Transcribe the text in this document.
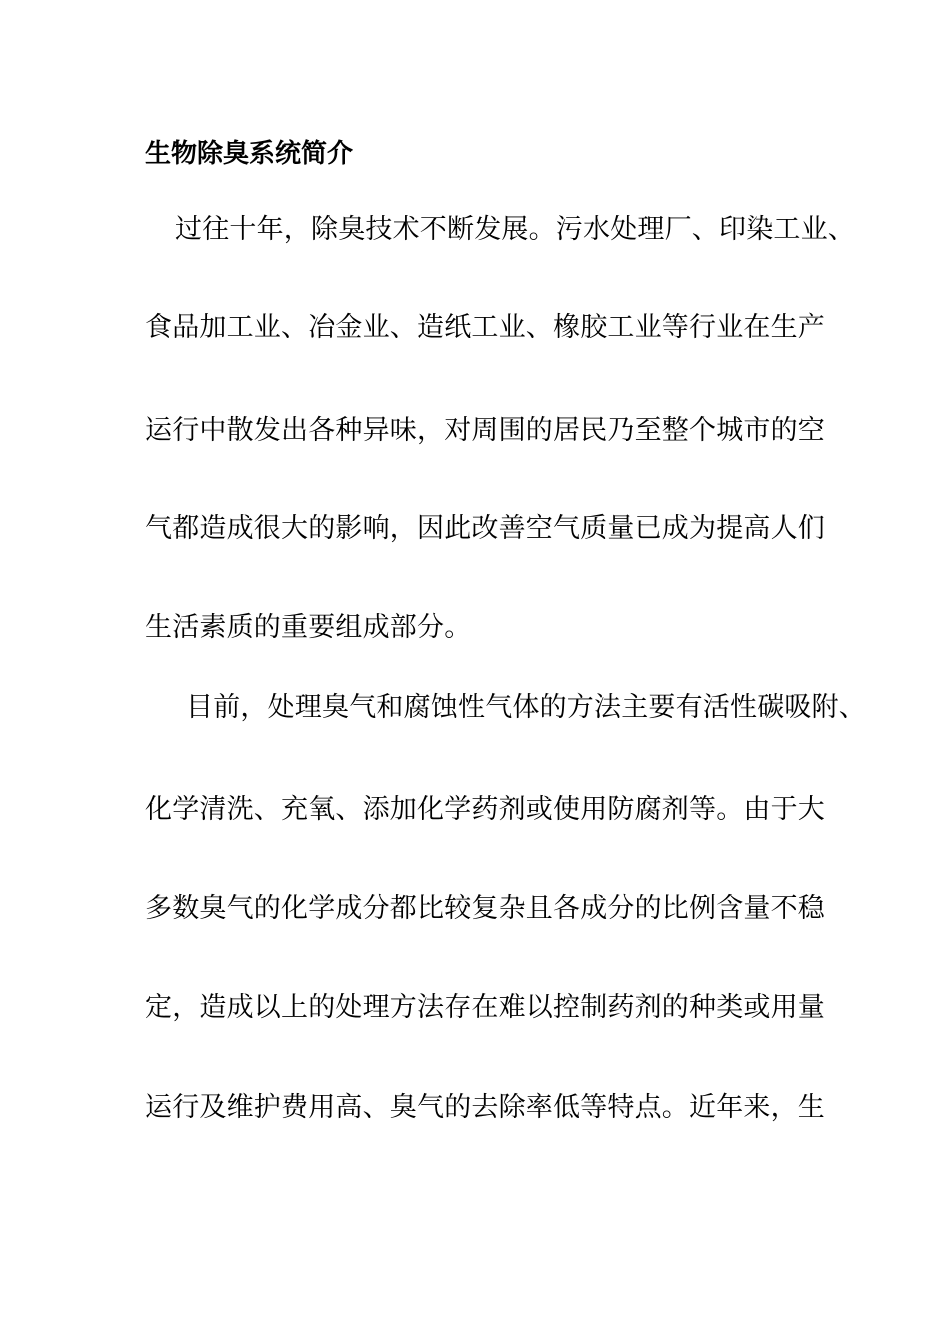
生物除臭系统简介
过往十年，除臭技术不断发展。污水处理厂、印染工业、
食品加工业、冶金业、造纸工业、橡胶工业等行业在生产
运行中散发出各种异味，对周围的居民乃至整个城市的空
气都造成很大的影响，因此改善空气质量已成为提高人们
生活素质的重要组成部分。
目前，处理臭气和腐蚀性气体的方法主要有活性碳吸附、
化学清洗、充氧、添加化学药剂或使用防腐剂等。由于大
多数臭气的化学成分都比较复杂且各成分的比例含量不稳
定，造成以上的处理方法存在难以控制药剂的种类或用量
运行及维护费用高、臭气的去除率低等特点。近年来，生
